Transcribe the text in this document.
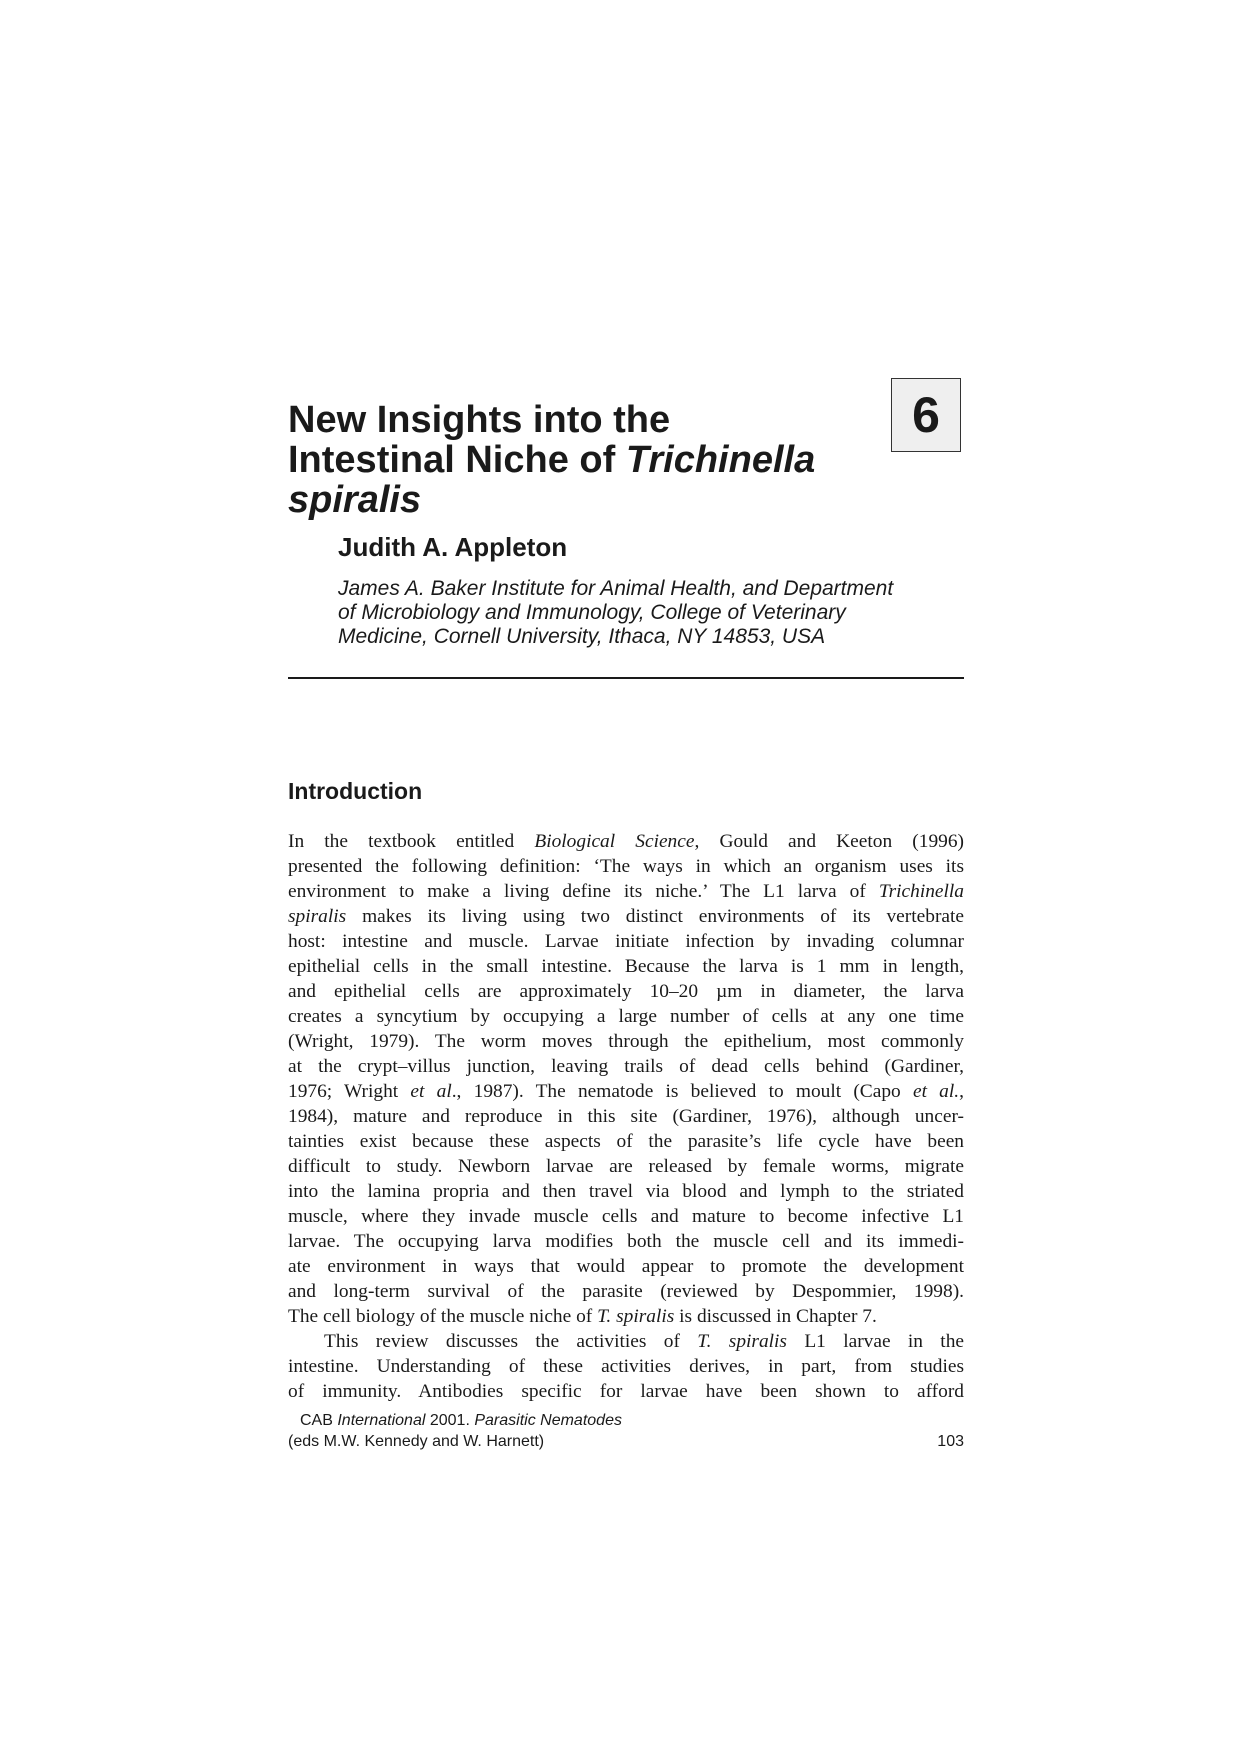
6
New Insights into the
Intestinal Niche of Trichinella
spiralis
Judith A. Appleton
James A. Baker Institute for Animal Health, and Department
of Microbiology and Immunology, College of Veterinary
Medicine, Cornell University, Ithaca, NY 14853, USA
Introduction
In the textbook entitled Biological Science, Gould and Keeton (1996)
presented the following definition: ‘The ways in which an organism uses its
environment to make a living define its niche.’ The L1 larva of Trichinella
spiralis makes its living using two distinct environments of its vertebrate
host: intestine and muscle. Larvae initiate infection by invading columnar
epithelial cells in the small intestine. Because the larva is 1 mm in length,
and epithelial cells are approximately 10–20 µm in diameter, the larva
creates a syncytium by occupying a large number of cells at any one time
(Wright, 1979). The worm moves through the epithelium, most commonly
at the crypt–villus junction, leaving trails of dead cells behind (Gardiner,
1976; Wright et al., 1987). The nematode is believed to moult (Capo et al.,
1984), mature and reproduce in this site (Gardiner, 1976), although uncer-
tainties exist because these aspects of the parasite’s life cycle have been
difficult to study. Newborn larvae are released by female worms, migrate
into the lamina propria and then travel via blood and lymph to the striated
muscle, where they invade muscle cells and mature to become infective L1
larvae. The occupying larva modifies both the muscle cell and its immedi-
ate environment in ways that would appear to promote the development
and long-term survival of the parasite (reviewed by Despommier, 1998).
The cell biology of the muscle niche of T. spiralis is discussed in Chapter 7.
This review discusses the activities of T. spiralis L1 larvae in the
intestine. Understanding of these activities derives, in part, from studies
of immunity. Antibodies specific for larvae have been shown to afford
CAB International 2001. Parasitic Nematodes
(eds M.W. Kennedy and W. Harnett)	103
